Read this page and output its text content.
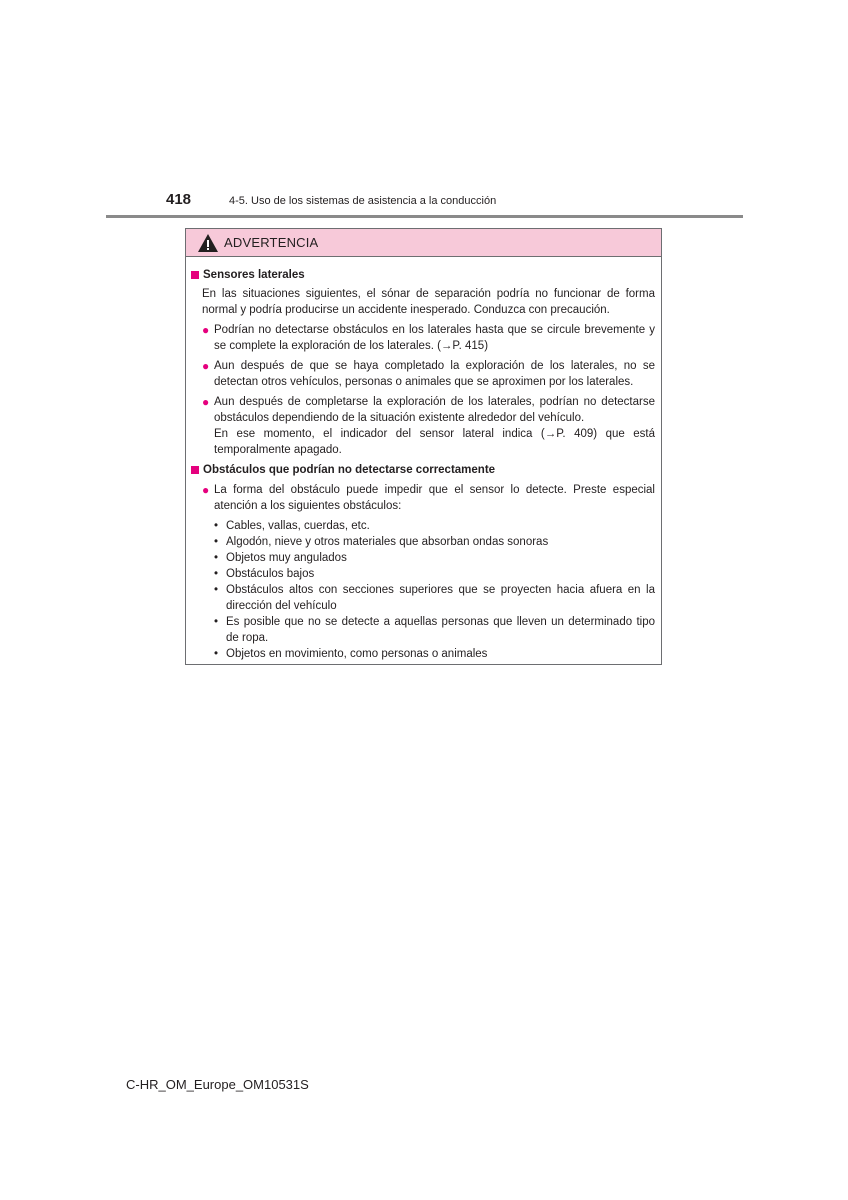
418	4-5. Uso de los sistemas de asistencia a la conducción
ADVERTENCIA
Sensores laterales
En las situaciones siguientes, el sónar de separación podría no funcionar de forma normal y podría producirse un accidente inesperado. Conduzca con precaución.
● Podrían no detectarse obstáculos en los laterales hasta que se circule brevemente y se complete la exploración de los laterales. (→P. 415)
● Aun después de que se haya completado la exploración de los laterales, no se detectan otros vehículos, personas o animales que se aproximen por los laterales.
● Aun después de completarse la exploración de los laterales, podrían no detectarse obstáculos dependiendo de la situación existente alrededor del vehículo.
En ese momento, el indicador del sensor lateral indica (→P. 409) que está temporalmente apagado.
Obstáculos que podrían no detectarse correctamente
● La forma del obstáculo puede impedir que el sensor lo detecte. Preste especial atención a los siguientes obstáculos:
• Cables, vallas, cuerdas, etc.
• Algodón, nieve y otros materiales que absorban ondas sonoras
• Objetos muy angulados
• Obstáculos bajos
• Obstáculos altos con secciones superiores que se proyecten hacia afuera en la dirección del vehículo
• Es posible que no se detecte a aquellas personas que lleven un determinado tipo de ropa.
• Objetos en movimiento, como personas o animales
C-HR_OM_Europe_OM10531S
